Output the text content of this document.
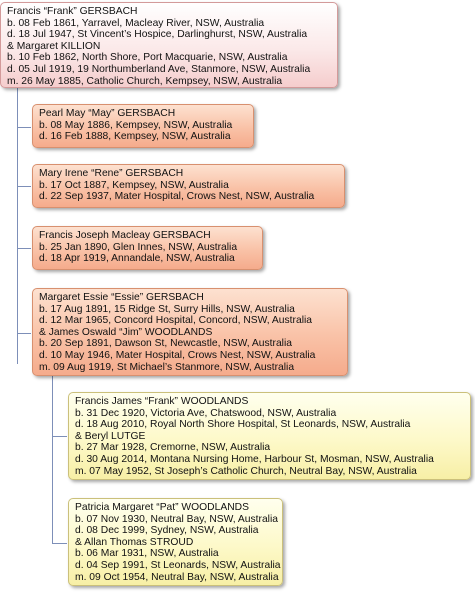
Francis “Frank” GERSBACH
b. 08 Feb 1861, Yarravel, Macleay River, NSW, Australia
d. 18 Jul 1947, St Vincent’s Hospice, Darlinghurst, NSW, Australia
& Margaret KILLION
b. 10 Feb 1862, North Shore, Port Macquarie, NSW, Australia
d. 05 Jul 1919, 19 Northumberland Ave, Stanmore, NSW, Australia
m. 26 May 1885, Catholic Church, Kempsey, NSW, Australia
Pearl May “May” GERSBACH
b. 08 May 1886, Kempsey, NSW, Australia
d. 16 Feb 1888, Kempsey, NSW, Australia
Mary Irene “Rene” GERSBACH
b. 17 Oct 1887, Kempsey, NSW, Australia
d. 22 Sep 1937, Mater Hospital, Crows Nest, NSW, Australia
Francis Joseph Macleay GERSBACH
b. 25 Jan 1890, Glen Innes, NSW, Australia
d. 18 Apr 1919, Annandale, NSW, Australia
Margaret Essie “Essie” GERSBACH
b. 17 Aug 1891, 15 Ridge St, Surry Hills, NSW, Australia
d. 12 Mar 1965, Concord Hospital, Concord, NSW, Australia
& James Oswald “Jim” WOODLANDS
b. 20 Sep 1891, Dawson St, Newcastle, NSW, Australia
d. 10 May 1946, Mater Hospital, Crows Nest, NSW, Australia
m. 09 Aug 1919, St Michael’s Stanmore, NSW, Australia
Francis James “Frank” WOODLANDS
b. 31 Dec 1920, Victoria Ave, Chatswood, NSW, Australia
d. 18 Aug 2010, Royal North Shore Hospital, St Leonards, NSW, Australia
& Beryl LUTGE
b. 27 Mar 1928, Cremorne, NSW, Australia
d. 30 Aug 2014, Montana Nursing Home, Harbour St, Mosman, NSW, Australia
m. 07 May 1952, St Joseph’s Catholic Church, Neutral Bay, NSW, Australia
Patricia Margaret “Pat” WOODLANDS
b. 07 Nov 1930, Neutral Bay, NSW, Australia
d. 08 Dec 1999, Sydney, NSW, Australia
& Allan Thomas STROUD
b. 06 Mar 1931, NSW, Australia
d. 04 Sep 1991, St Leonards, NSW, Australia
m. 09 Oct 1954, Neutral Bay, NSW, Australia
